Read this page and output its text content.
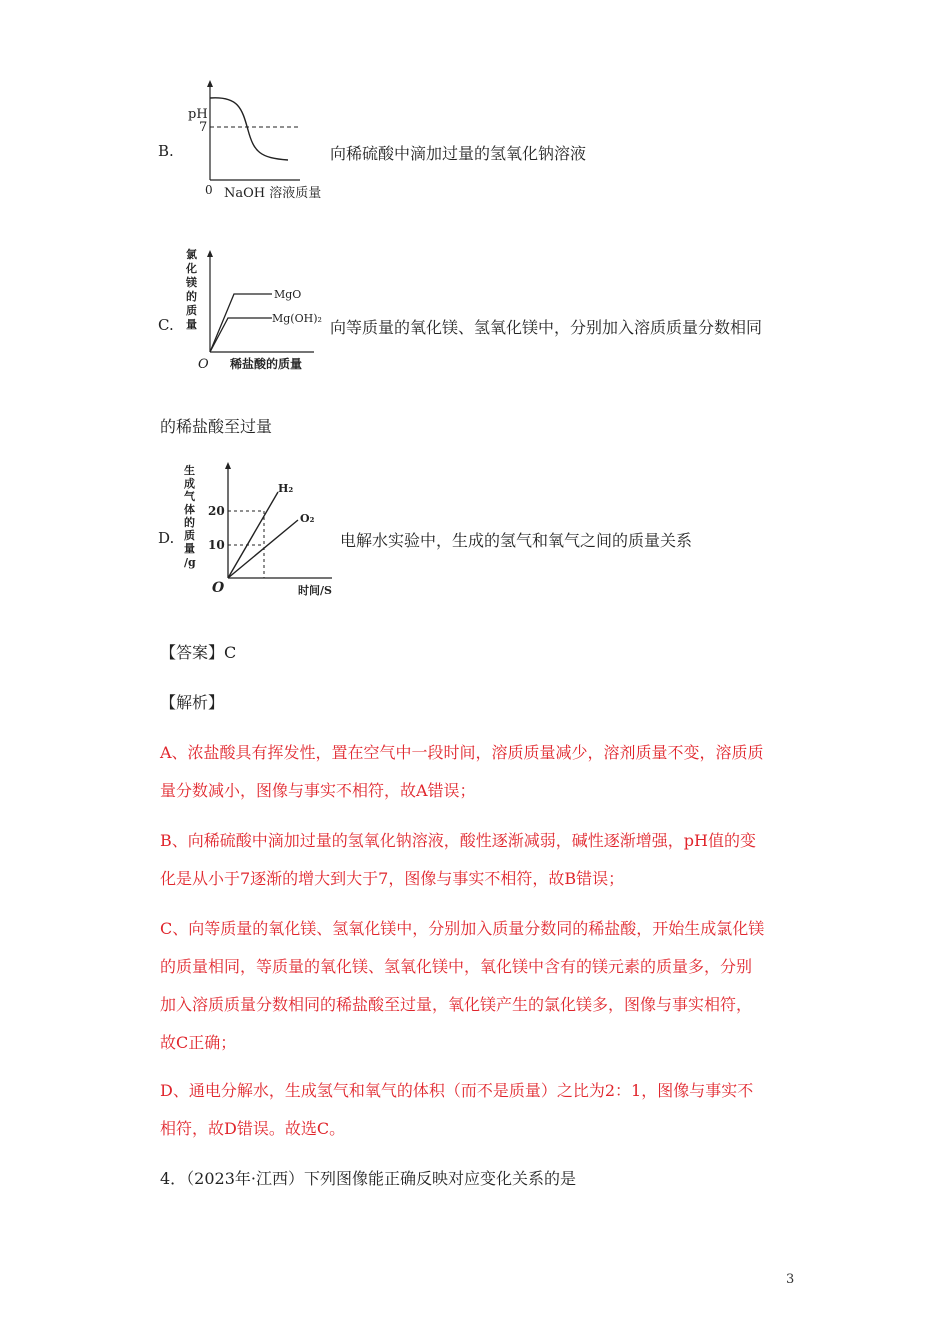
B.
pH
7
0 NaOH 溶液质量
向稀硫酸中滴加过量的氢氧化钠溶液
C.
氯
化
镁
的
质
量
MgO
Mg(OH)₂
O 稀盐酸的质量
向等质量的氧化镁、氢氧化镁中，分别加入溶质质量分数相同
的稀盐酸至过量
D.
生
成
气
体
的
质
量
/g
20
10
H₂
O₂
O	时间/S
电解水实验中，生成的氢气和氧气之间的质量关系
【答案】C
【解析】
A、浓盐酸具有挥发性，置在空气中一段时间，溶质质量减少，溶剂质量不变，溶质质
量分数减小，图像与事实不相符，故A错误；
B、向稀硫酸中滴加过量的氢氧化钠溶液，酸性逐渐减弱，碱性逐渐增强，pH值的变
化是从小于7逐渐的增大到大于7，图像与事实不相符，故B错误；
C、向等质量的氧化镁、氢氧化镁中，分别加入质量分数同的稀盐酸，开始生成氯化镁
的质量相同，等质量的氧化镁、氢氧化镁中，氧化镁中含有的镁元素的质量多，分别
加入溶质质量分数相同的稀盐酸至过量，氧化镁产生的氯化镁多，图像与事实相符，
故C正确；
D、通电分解水，生成氢气和氧气的体积（而不是质量）之比为2：1，图像与事实不
相符，故D错误。故选C。
4．（2023年·江西）下列图像能正确反映对应变化关系的是
3
